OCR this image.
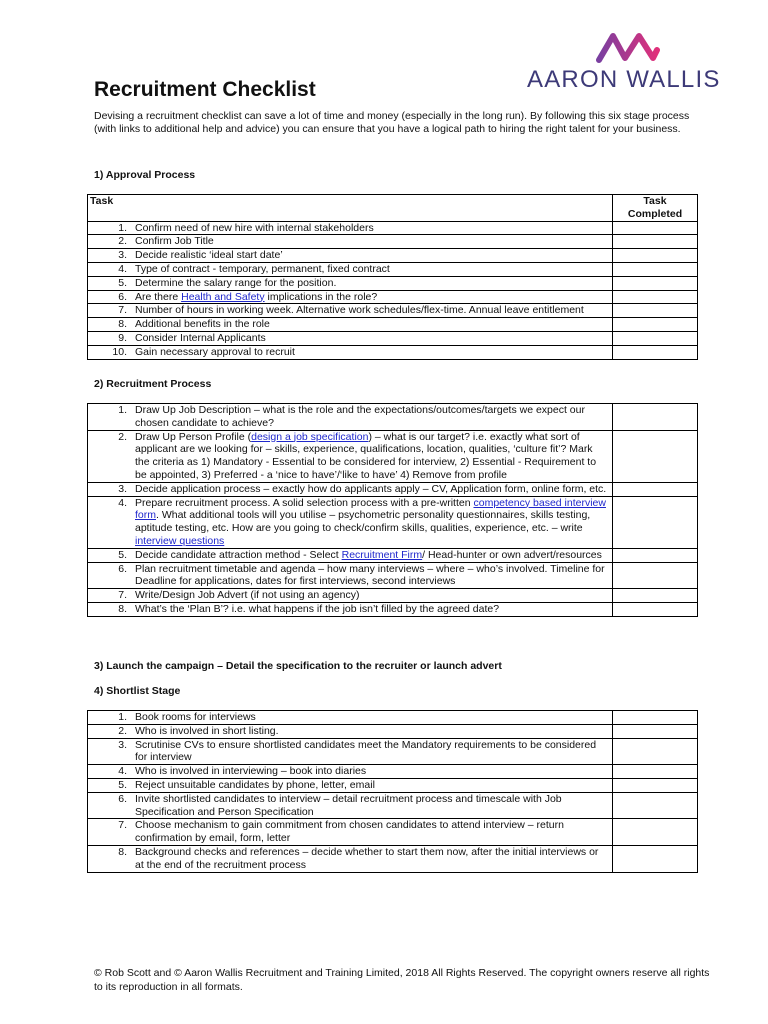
AARON WALLIS
Recruitment Checklist

Devising a recruitment checklist can save a lot of time and money (especially in the long run). By following this six stage process (with links to additional help and advice) you can ensure that you have a logical path to hiring the right talent for your business.

1) Approval Process

Task	Task Completed

1. Confirm need of new hire with internal stakeholders	

2. Confirm Job Title	

3. Decide realistic ‘ideal start date’	

4. Type of contract - temporary, permanent, fixed contract	

5. Determine the salary range for the position.	

6. Are there Health and Safety implications in the role?	

7. Number of hours in working week. Alternative work schedules/flex-time. Annual leave entitlement	

8. Additional benefits in the role	

9. Consider Internal Applicants	

10. Gain necessary approval to recruit	

2) Recruitment Process

1. Draw Up Job Description – what is the role and the expectations/outcomes/targets we expect our chosen candidate to achieve?	

2. Draw Up Person Profile (design a job specification) – what is our target? i.e. exactly what sort of applicant are we looking for – skills, experience, qualifications, location, qualities, ‘culture fit’? Mark the criteria as 1) Mandatory - Essential to be considered for interview, 2) Essential - Requirement to be appointed, 3) Preferred - a ‘nice to have’/‘like to have’ 4) Remove from profile	

3. Decide application process – exactly how do applicants apply – CV, Application form, online form, etc.	

4. Prepare recruitment process. A solid selection process with a pre-written competency based interview form. What additional tools will you utilise – psychometric personality questionnaires, skills testing, aptitude testing, etc. How are you going to check/confirm skills, qualities, experience, etc. – write interview questions	

5. Decide candidate attraction method - Select Recruitment Firm/ Head-hunter or own advert/resources	

6. Plan recruitment timetable and agenda – how many interviews – where – who’s involved. Timeline for Deadline for applications, dates for first interviews, second interviews	

7. Write/Design Job Advert (if not using an agency)	

8. What’s the ‘Plan B’? i.e. what happens if the job isn’t filled by the agreed date?	

3) Launch the campaign – Detail the specification to the recruiter or launch advert

4) Shortlist Stage

1. Book rooms for interviews	

2. Who is involved in short listing.	

3. Scrutinise CVs to ensure shortlisted candidates meet the Mandatory requirements to be considered for interview	

4. Who is involved in interviewing – book into diaries	

5. Reject unsuitable candidates by phone, letter, email	

6. Invite shortlisted candidates to interview – detail recruitment process and timescale with Job Specification and Person Specification	

7. Choose mechanism to gain commitment from chosen candidates to attend interview – return confirmation by email, form, letter	

8. Background checks and references – decide whether to start them now, after the initial interviews or at the end of the recruitment process	

© Rob Scott and © Aaron Wallis Recruitment and Training Limited, 2018 All Rights Reserved. The copyright owners reserve all rights to its reproduction in all formats.
